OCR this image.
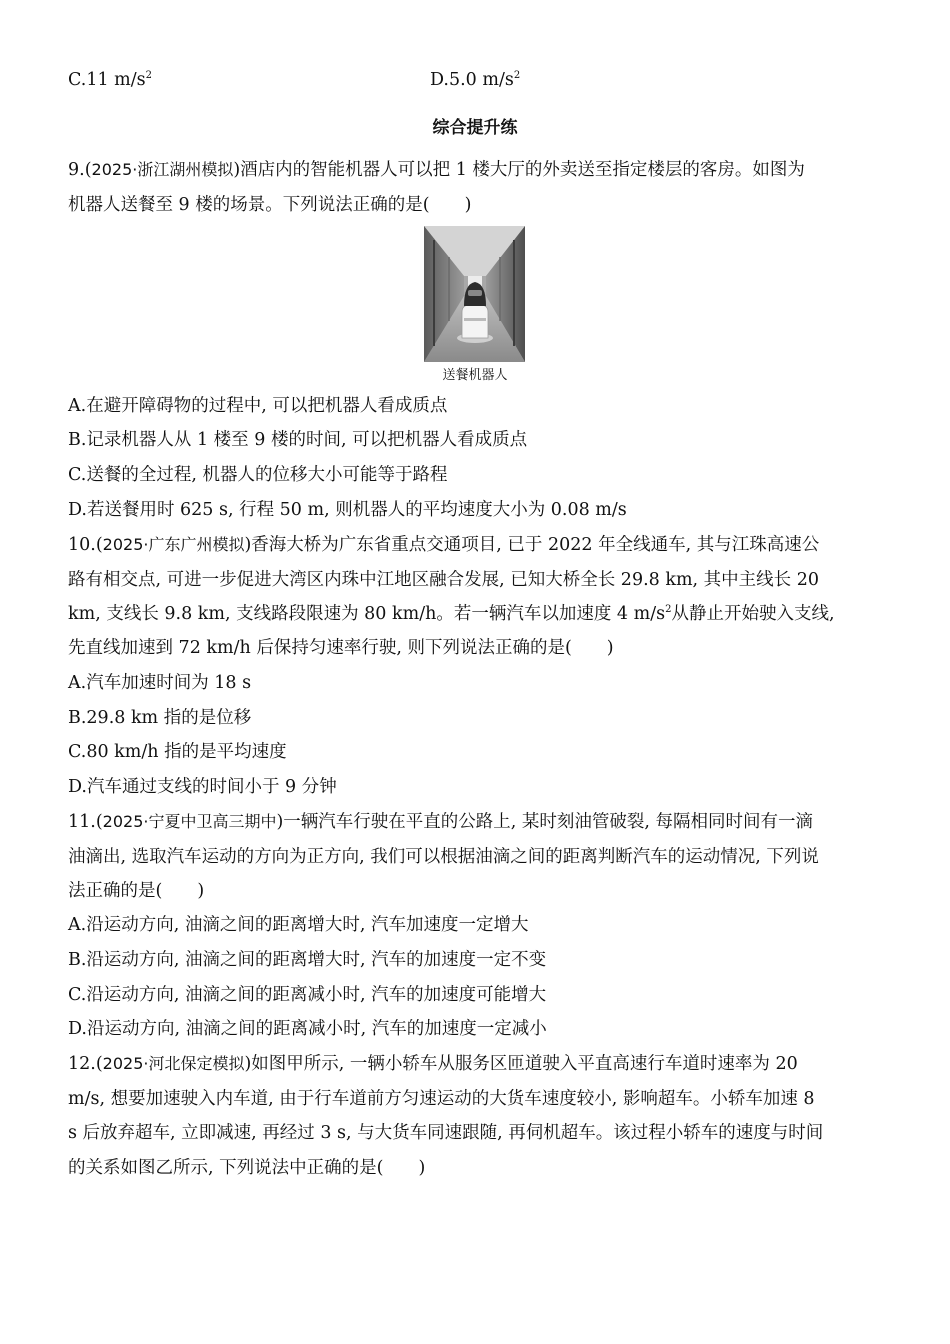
C.11 $m/s^2$	D.5.0 $m/s^2$
综合提升练
9.(2025·浙江湖州模拟)酒店内的智能机器人可以把 1 楼大厅的外卖送至指定楼层的客房。如图为
机器人送餐至 9 楼的场景。下列说法正确的是(　　)
送餐机器人
A.在避开障碍物的过程中, 可以把机器人看成质点
B.记录机器人从 1 楼至 9 楼的时间, 可以把机器人看成质点
C.送餐的全过程, 机器人的位移大小可能等于路程
D.若送餐用时 625 s, 行程 50 m, 则机器人的平均速度大小为 0.08 m/s
10.(2025·广东广州模拟)香海大桥为广东省重点交通项目, 已于 2022 年全线通车, 其与江珠高速公
路有相交点, 可进一步促进大湾区内珠中江地区融合发展, 已知大桥全长 29.8 km, 其中主线长 20
km, 支线长 9.8 km, 支线路段限速为 80 km/h。若一辆汽车以加速度 4 $m/s^2$从静止开始驶入支线,
先直线加速到 72 km/h 后保持匀速率行驶, 则下列说法正确的是(　　)
A.汽车加速时间为 18 s
B.29.8 km 指的是位移
C.80 km/h 指的是平均速度
D.汽车通过支线的时间小于 9 分钟
11.(2025·宁夏中卫高三期中)一辆汽车行驶在平直的公路上, 某时刻油管破裂, 每隔相同时间有一滴
油滴出, 选取汽车运动的方向为正方向, 我们可以根据油滴之间的距离判断汽车的运动情况, 下列说
法正确的是(　　)
A.沿运动方向, 油滴之间的距离增大时, 汽车加速度一定增大
B.沿运动方向, 油滴之间的距离增大时, 汽车的加速度一定不变
C.沿运动方向, 油滴之间的距离减小时, 汽车的加速度可能增大
D.沿运动方向, 油滴之间的距离减小时, 汽车的加速度一定减小
12.(2025·河北保定模拟)如图甲所示, 一辆小轿车从服务区匝道驶入平直高速行车道时速率为 20
m/s, 想要加速驶入内车道, 由于行车道前方匀速运动的大货车速度较小, 影响超车。小轿车加速 8
s 后放弃超车, 立即减速, 再经过 3 s, 与大货车同速跟随, 再伺机超车。该过程小轿车的速度与时间
的关系如图乙所示, 下列说法中正确的是(　　)
